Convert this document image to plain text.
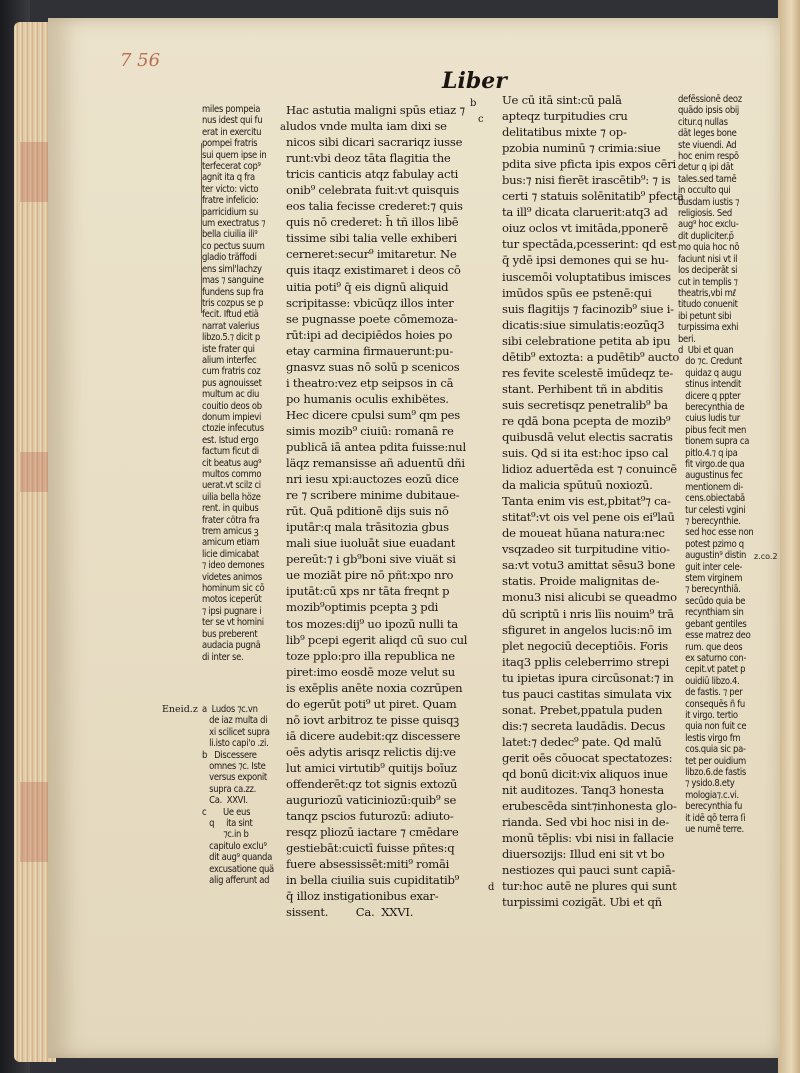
7 56
Liber
miles pompeia
nus idest qui fu
erat in exercitu
pompei fratris
sui quem ipse in
terfecerat cop⁹
agnit ita q fra
ter victo: victo
fratre infelicio:
parricidium su
um exectratus ⁊
bella ciuilia ili⁹
co pectus suum
gladio träffodi
ens siml'lachzy
mas ⁊ sanguine
fundens sup fra
tris cozpus se p
fecit. Iftud etiä
narrat valerius
libzo.5.⁊ dicit p
iste frater qui
alium interfec
cum fratris coz
pus agnouisset
multum ac diu
couitio deos ob
donum impievi
ctozie infecutus
est. Istud ergo
factum ficut di
cit beatus aug⁹
multos commo
uerat.vt scilz ci
uilia bella höze
rent. in quibus
frater cötra fra
trem amicus ꝫ
amicum etiam
licie dimicabat
⁊ ideo demones
videtes animos
hominum sic cō
motos iceperūt
⁊ ipsi pugnare i
ter se vt homini
bus preberent
audacia pugnä
di inter se.
a  Ludos ⁊c.vn
de iaz multa di
xi scilicet supra
li.isto capi'o .zi.
b   Discessere
omnes ⁊c. Iste
versus exponit
supra ca.zz.
Ca.  XXVI.
c       Ue eus
q     ita sint
⁊c.in b
capitulo exclu⁹
dit aug⁹ quanda
excusatione quä
alig afferunt ad
Eneid.z
Hac astutia maligni spūs etiaz ⁊
ludos vnde multa iam dixi se
nicos sibi dicari sacrariqz iusse
runt:vbi deoz tāta flagitia the
tricis canticis atqz fabulay acti
onib⁹ celebrata fuit:vt quisquis
eos talia fecisse crederet:⁊ quis
quis nō crederet: h̄ tñ illos libē
tissime sibi talia velle exhiberi
cerneret:secur⁹ imitaretur. Ne
quis itaqz existimaret i deos cō
uitia poti⁹ q̄ eis dignū aliquid
scripitasse: vbicūqz illos inter
se pugnasse poete cōmemoza-
rūt:ipi ad decipiēdos hoies po
etay carmina firmauerunt:pu-
gnasvz suas nō solū p scenicos
i theatro:vez etp seipsos in cā
po humanis oculis exhibëtes.
Hec dicere cpulsi sum⁹ qm pes
simis mozib⁹ ciuiū: romanā re
publicā iā antea pdita fuisse:nul
läqz remansisse añ aduentū dñi
nri iesu xpi:auctozes eozū dice
re ⁊ scribere minime dubitaue-
rūt. Quā pditionē dijs suis nō
iputār:q mala trāsitozia gbus
mali siue iuoluāt siue euadant
pereūt:⁊ i gb⁹boni sive viuät si
ue moziāt pire nō pñt:xpo nro
iputāt:cū xps nr tāta freqnt p
mozib⁹optimis pcepta ꝫ pdi
tos mozes:dij⁹ uo ipozū nulli ta
lib⁹ pcepi egerit aliqd cū suo cul
toze pplo:pro illa republica ne
piret:imo eosdē moze velut su
is exēplis anēte noxia cozrūpen
do egerūt poti⁹ ut piret. Quam
nō iovt arbitroz te pisse quisqꝫ
iā dicere audebit:qz discessere
oēs adytis arisqz relictis dij:ve
lut amici virtutib⁹ quitijs boīuz
offenderēt:qz tot signis extozū
auguriozū vaticiniozū:quib⁹ se
tanqz pscios futurozū: adiuto-
resqz pliozū iactare ⁊ cmēdare
gestiebāt:cuictī fuisse pñtes:q
fuere absessissēt:miti⁹ romāi
in bella ciuilia suis cupiditatib⁹
q̄ illoz instigationibus exar-
sissent.        Ca.  XXVI.
Ue cū itā sint:cū palā
apteqz turpitudies cru
delitatibus mixte ⁊ op-
pzobia numinū ⁊ crimia:siue
pdita sive pficta ipis expos cēri
bus:⁊ nisi fierēt irascētib⁹: ⁊ is
certi ⁊ statuis solēnitatib⁹ pfecta
ta ill⁹ dicata claruerit:atq3 ad
oiuz oclos vt imitāda,pponerē
tur spectāda,pcesserint: qd est
q̄ ydē ipsi demones qui se hu-
iuscemōi voluptatibus imisces
imūdos spūs ee pstenē:qui
suis flagitijs ⁊ facinozib⁹ siue i-
dicatis:siue simulatis:eozūq3
sibi celebratione petita ab ipu
dētib⁹ extozta: a pudētib⁹ aucto
res fevite scelestē imūdeqz te-
stant. Perhibent tñ in abditis
suis secretisqz penetralib⁹ ba
re qdā bona pcepta de mozib⁹
quibusdā velut electis sacratis
suis. Qd si ita est:hoc ipso cal
lidioz aduertēda est ⁊ conuincē
da malicia spūtuū noxiozū.
Tanta enim vis est,pbitat⁹⁊ ca-
stitat⁹:vt ois vel pene ois ei⁹laū
de moueat hūana natura:nec
vsqzadeo sit turpitudine vitio-
sa:vt votu3 amittat sēsu3 bone
statis. Proide malignitas de-
monu3 nisi alicubi se queadmo
dū scriptū i nris līis nouim⁹ trā
sfiguret in angelos lucis:nō im
plet negociū deceptiōis. Foris
itaq3 pplis celeberrimo strepi
tu ipietas ipura circūsonat:⁊ in
tus pauci castitas simulata vix
sonat. Prebet,ppatula puden
dis:⁊ secreta laudādis. Decus
latet:⁊ dedec⁹ pate. Qd malū
gerit oēs cōuocat spectatozes:
qd bonū dicit:vix aliquos inue
nit auditozes. Tanq3 honesta
erubescēda sint⁊inhonesta glo-
rianda. Sed vbi hoc nisi in de-
monū tēplis: vbi nisi in fallacie
diuersozijs: Illud eni sit vt bo
nestiozes qui pauci sunt capiā-
tur:hoc autē ne plures qui sunt
turpissimi cozigāt. Ubi et qñ
defēssionē deoz
quādo ipsis obij
citur.q nullas
dāt leges bone
ste viuendi. Ad
hoc enim respō
detur q ipi dāt
tales.sed tamē
in occulto qui
busdam iustis ⁊
religiosis. Sed
aug⁹ hoc exclu-
dit dupliciter.p̄
mo quia hoc nō
faciunt nisi vt il
los deciperāt si
cut in templis ⁊
theatris,vbi mℓ
titudo conuenit
ibi petunt sibi
turpissima exhi
beri.
d  Ubi et quan
do ⁊c. Credunt
quidaz q augu
stinus intendit
dicere q ppter
berecynthia de
cuius ludis tur
pibus fecit men
tionem supra ca
pitlo.4.⁊ q ipa
fit virgo.de qua
augustinus fec
mentionem di-
cens.obiectabā
tur celesti vgini
⁊ berecynthie.
sed hoc esse non
potest pzimo q
augustin⁹ distin
guit inter cele-
stem virginem
⁊ berecynthiā.
secūdo quia be
recynthiam sin
gebant gentiles
esse matrez deo
rum. que deos
ex saturno con-
cepit.vt patet p
ouidiū libzo.4.
de fastis. ⁊ per
consequēs ñ fu
it virgo. tertio
quia non fuit ce
lestis virgo fm
cos.quia sic pa-
tet per ouidium
libzo.6.de fastis
⁊ ysido.8.ety
mologia⁊.c.vi.
berecynthia fu
it idē qō terra ſi
ue numē terre.
z.co.2
a
b
c
d
